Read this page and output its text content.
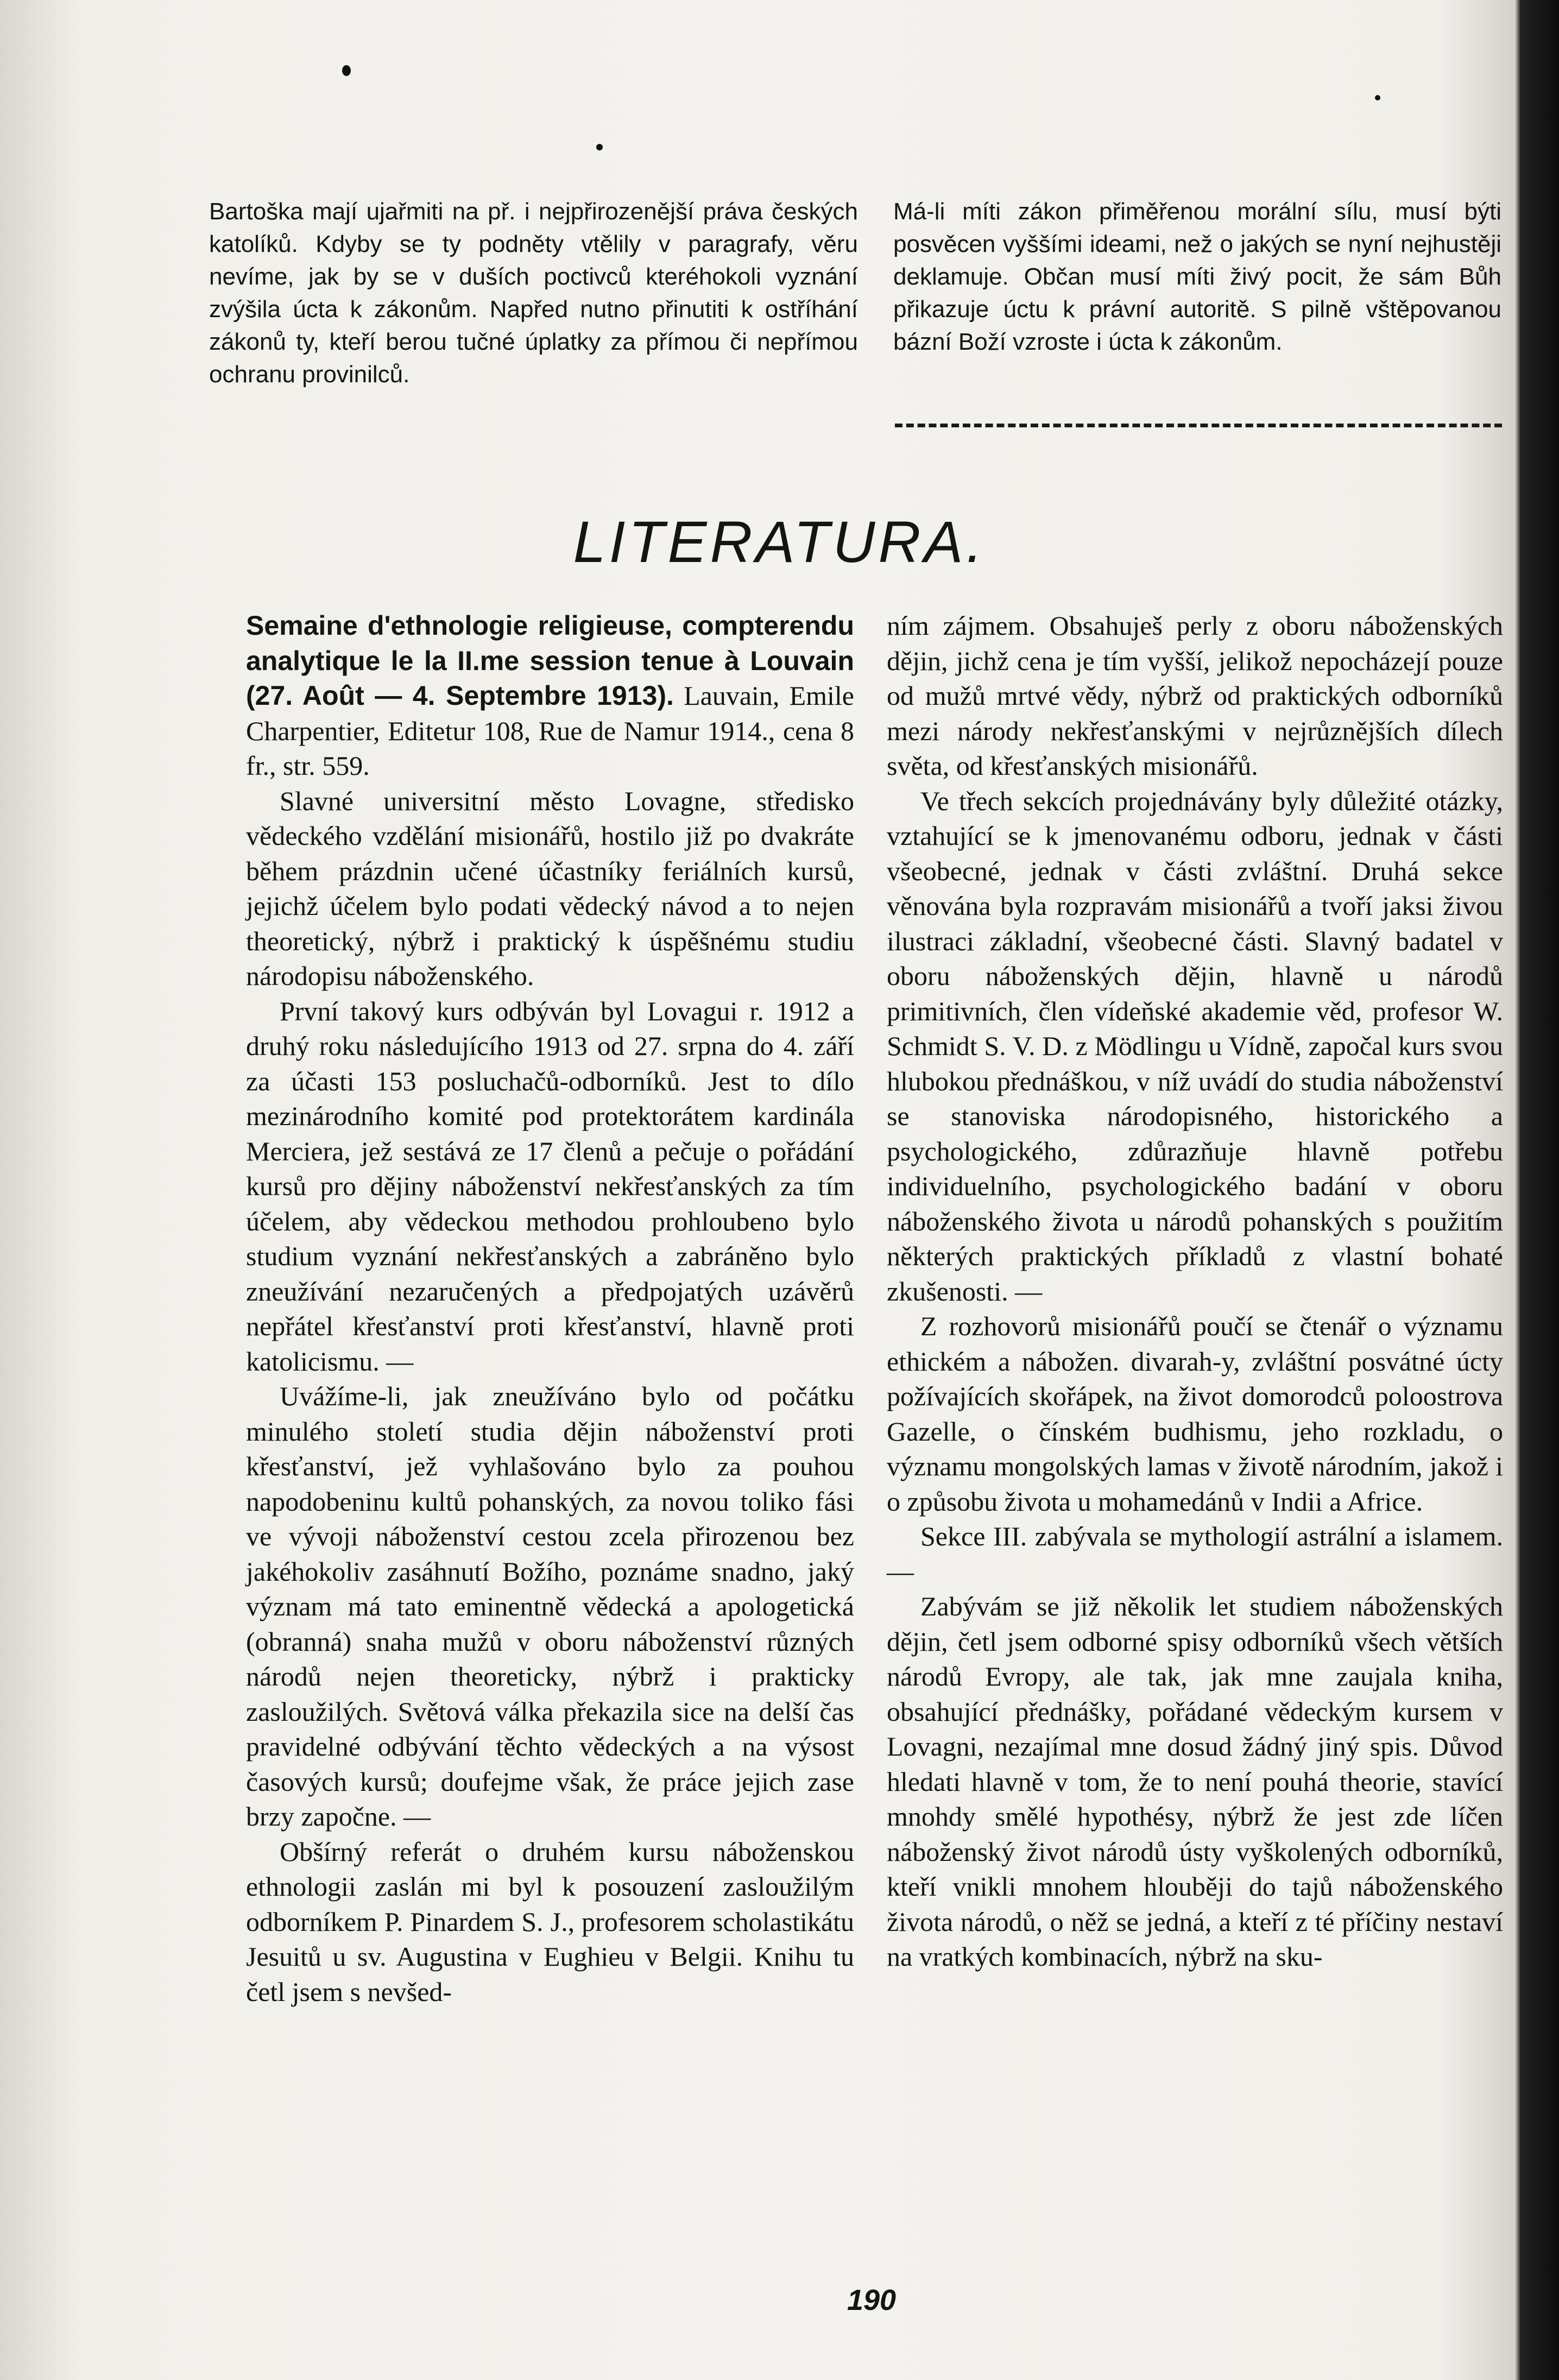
Bartoška mají ujařmiti na př. i nejpřirozenější práva českých katolíků. Kdyby se ty podněty vtělily v paragrafy, věru nevíme, jak by se v duších poctivců kteréhokoli vyznání zvýšila úcta k zákonům. Napřed nutno přinutiti k ostříhání zákonů ty, kteří berou tučné úplatky za přímou či nepřímou ochranu provinilců.

Má-li míti zákon přiměřenou morální sílu, musí býti posvěcen vyššími ideami, než o jakých se nyní nejhustěji deklamuje. Občan musí míti živý pocit, že sám Bůh přikazuje úctu k právní autoritě. S pilně vštěpovanou bázní Boží vzroste i úcta k zákonům.

LITERATURA.

Semaine d'ethnologie religieuse, compterendu analytique le la II.me session tenue à Louvain (27. Août — 4. Septembre 1913). Lauvain, Emile Charpentier, Editetur 108, Rue de Namur 1914., cena 8 fr., str. 559.

Slavné universitní město Lovagne, středisko vědeckého vzdělání misionářů, hostilo již po dvakráte během prázdnin učené účastníky feriálních kursů, jejichž účelem bylo podati vědecký návod a to nejen theoretický, nýbrž i praktický k úspěšnému studiu národopisu náboženského.

První takový kurs odbýván byl Lovagui r. 1912 a druhý roku následujícího 1913 od 27. srpna do 4. září za účasti 153 posluchačů-odborníků. Jest to dílo mezinárodního komité pod protektorátem kardinála Merciera, jež sestává ze 17 členů a pečuje o pořádání kursů pro dějiny náboženství nekřesťanských za tím účelem, aby vědeckou methodou prohloubeno bylo studium vyznání nekřesťanských a zabráněno bylo zneužívání nezaručených a předpojatých uzávěrů nepřátel křesťanství proti křesťanství, hlavně proti katolicismu. —

Uvážíme-li, jak zneužíváno bylo od počátku minulého století studia dějin náboženství proti křesťanství, jež vyhlašováno bylo za pouhou napodobeninu kultů pohanských, za novou toliko fási ve vývoji náboženství cestou zcela přirozenou bez jakéhokoliv zasáhnutí Božího, poznáme snadno, jaký význam má tato eminentně vědecká a apologetická (obranná) snaha mužů v oboru náboženství různých národů nejen theoreticky, nýbrž i prakticky zasloužilých. Světová válka překazila sice na delší čas pravidelné odbývání těchto vědeckých a na výsost časových kursů; doufejme však, že práce jejich zase brzy započne. —

Obšírný referát o druhém kursu náboženskou ethnologii zaslán mi byl k posouzení zasloužilým odborníkem P. Pinardem S. J., profesorem scholastikátu Jesuitů u sv. Augustina v Eughieu v Belgii. Knihu tu četl jsem s nevšed-

ním zájmem. Obsahuješ perly z oboru náboženských dějin, jichž cena je tím vyšší, jelikož nepocházejí pouze od mužů mrtvé vědy, nýbrž od praktických odborníků mezi národy nekřesťanskými v nejrůznějších dílech světa, od křesťanských misionářů.

Ve třech sekcích projednávány byly důležité otázky, vztahující se k jmenovanému odboru, jednak v části všeobecné, jednak v části zvláštní. Druhá sekce věnována byla rozpravám misionářů a tvoří jaksi živou ilustraci základní, všeobecné části. Slavný badatel v oboru náboženských dějin, hlavně u národů primitivních, člen vídeňské akademie věd, profesor W. Schmidt S. V. D. z Mödlingu u Vídně, započal kurs svou hlubokou přednáškou, v níž uvádí do studia náboženství se stanoviska národopisného, historického a psychologického, zdůrazňuje hlavně potřebu individuelního, psychologického badání v oboru náboženského života u národů pohanských s použitím některých praktických příkladů z vlastní bohaté zkušenosti. —

Z rozhovorů misionářů poučí se čtenář o významu ethickém a nábožen. divarah-y, zvláštní posvátné úcty požívajících skořápek, na život domorodců poloostrova Gazelle, o čínském budhismu, jeho rozkladu, o významu mongolských lamas v životě národním, jakož i o způsobu života u mohamedánů v Indii a Africe.

Sekce III. zabývala se mythologií astrální a islamem. —

Zabývám se již několik let studiem náboženských dějin, četl jsem odborné spisy odborníků všech větších národů Evropy, ale tak, jak mne zaujala kniha, obsahující přednášky, pořádané vědeckým kursem v Lovagni, nezajímal mne dosud žádný jiný spis. Důvod hledati hlavně v tom, že to není pouhá theorie, stavící mnohdy smělé hypothésy, nýbrž že jest zde líčen náboženský život národů ústy vyškolených odborníků, kteří vnikli mnohem hlouběji do tajů náboženského života národů, o něž se jedná, a kteří z té příčiny nestaví na vratkých kombinacích, nýbrž na sku-

190
